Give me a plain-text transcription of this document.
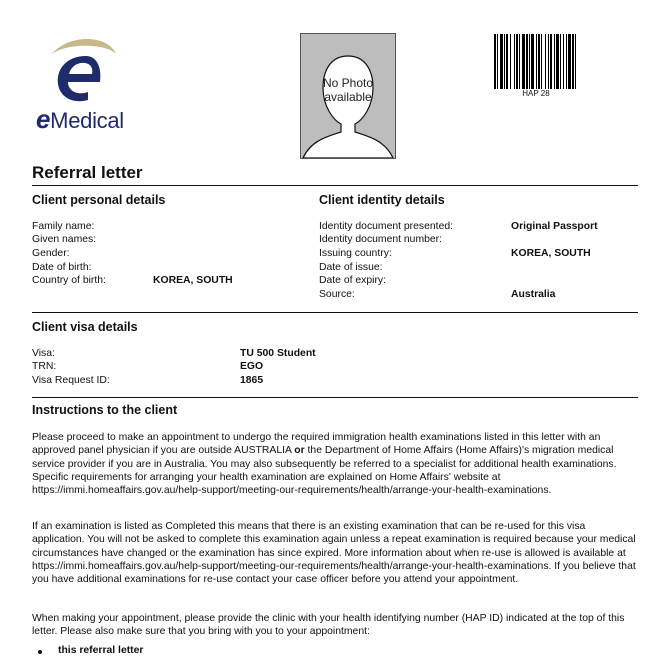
eMedical
No Photo
available	HAP 28
Referral letter
Client personal details
Family name:
Given names:
Gender:
Date of birth:
Country of birth:	KOREA, SOUTH
Client identity details
Identity document presented:	Original Passport
Identity document number:
Issuing country:	KOREA, SOUTH
Date of issue:
Date of expiry:
Source:	Australia
Client visa details
Visa:	TU 500 Student
TRN:	EGO
Visa Request ID:	1865
Instructions to the client
Please proceed to make an appointment to undergo the required immigration health examinations listed in this letter with an approved panel physician if you are outside AUSTRALIA or the Department of Home Affairs (Home Affairs)'s migration medical service provider if you are in Australia. You may also subsequently be referred to a specialist for additional health examinations. Specific requirements for arranging your health examination are explained on Home Affairs' website at https://immi.homeaffairs.gov.au/help-support/meeting-our-requirements/health/arrange-your-health-examinations.
If an examination is listed as Completed this means that there is an existing examination that can be re-used for this visa application. You will not be asked to complete this examination again unless a repeat examination is required because your medical circumstances have changed or the examination has since expired. More information about when re-use is allowed is available at https://immi.homeaffairs.gov.au/help-support/meeting-our-requirements/health/arrange-your-health-examinations. If you believe that you have additional examinations for re-use contact your case officer before you attend your appointment.
When making your appointment, please provide the clinic with your health identifying number (HAP ID) indicated at the top of this letter. Please also make sure that you bring with you to your appointment:
this referral letter
